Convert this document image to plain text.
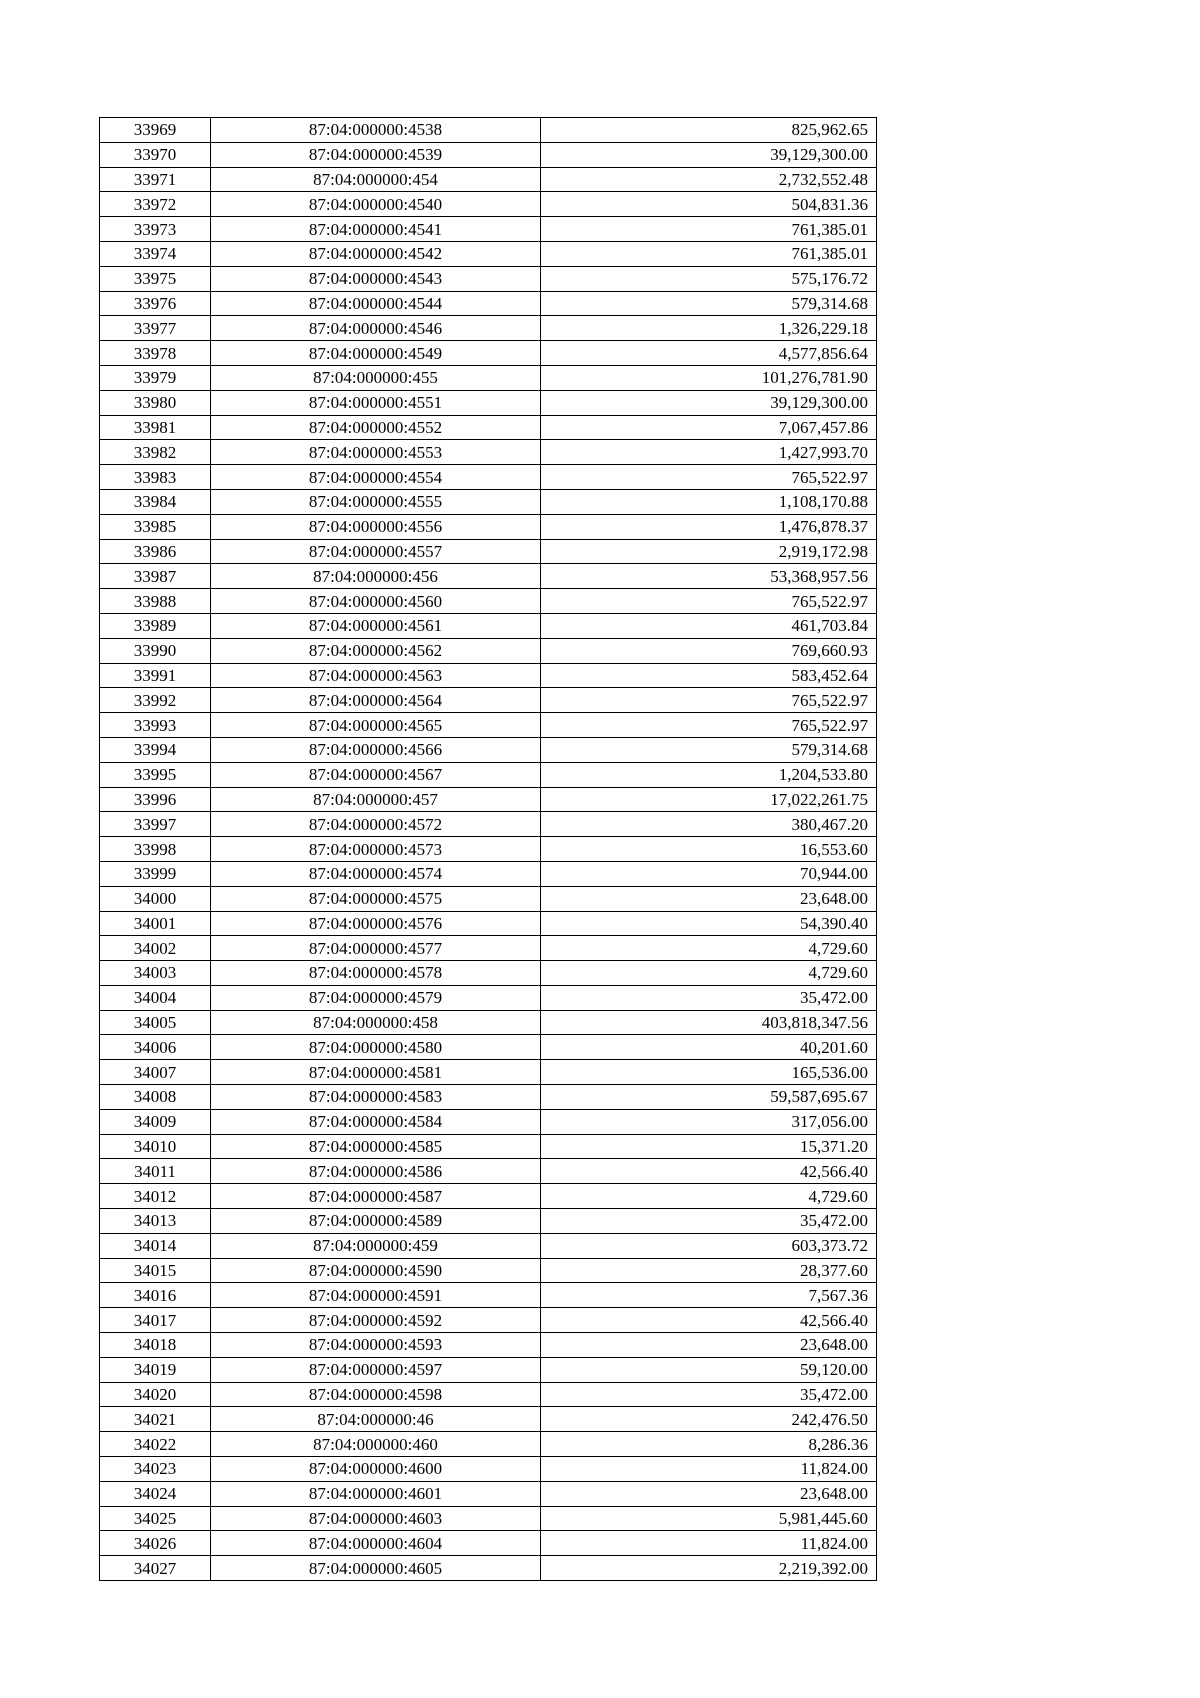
33969	87:04:000000:4538	825,962.65
33970	87:04:000000:4539	39,129,300.00
33971	87:04:000000:454	2,732,552.48
33972	87:04:000000:4540	504,831.36
33973	87:04:000000:4541	761,385.01
33974	87:04:000000:4542	761,385.01
33975	87:04:000000:4543	575,176.72
33976	87:04:000000:4544	579,314.68
33977	87:04:000000:4546	1,326,229.18
33978	87:04:000000:4549	4,577,856.64
33979	87:04:000000:455	101,276,781.90
33980	87:04:000000:4551	39,129,300.00
33981	87:04:000000:4552	7,067,457.86
33982	87:04:000000:4553	1,427,993.70
33983	87:04:000000:4554	765,522.97
33984	87:04:000000:4555	1,108,170.88
33985	87:04:000000:4556	1,476,878.37
33986	87:04:000000:4557	2,919,172.98
33987	87:04:000000:456	53,368,957.56
33988	87:04:000000:4560	765,522.97
33989	87:04:000000:4561	461,703.84
33990	87:04:000000:4562	769,660.93
33991	87:04:000000:4563	583,452.64
33992	87:04:000000:4564	765,522.97
33993	87:04:000000:4565	765,522.97
33994	87:04:000000:4566	579,314.68
33995	87:04:000000:4567	1,204,533.80
33996	87:04:000000:457	17,022,261.75
33997	87:04:000000:4572	380,467.20
33998	87:04:000000:4573	16,553.60
33999	87:04:000000:4574	70,944.00
34000	87:04:000000:4575	23,648.00
34001	87:04:000000:4576	54,390.40
34002	87:04:000000:4577	4,729.60
34003	87:04:000000:4578	4,729.60
34004	87:04:000000:4579	35,472.00
34005	87:04:000000:458	403,818,347.56
34006	87:04:000000:4580	40,201.60
34007	87:04:000000:4581	165,536.00
34008	87:04:000000:4583	59,587,695.67
34009	87:04:000000:4584	317,056.00
34010	87:04:000000:4585	15,371.20
34011	87:04:000000:4586	42,566.40
34012	87:04:000000:4587	4,729.60
34013	87:04:000000:4589	35,472.00
34014	87:04:000000:459	603,373.72
34015	87:04:000000:4590	28,377.60
34016	87:04:000000:4591	7,567.36
34017	87:04:000000:4592	42,566.40
34018	87:04:000000:4593	23,648.00
34019	87:04:000000:4597	59,120.00
34020	87:04:000000:4598	35,472.00
34021	87:04:000000:46	242,476.50
34022	87:04:000000:460	8,286.36
34023	87:04:000000:4600	11,824.00
34024	87:04:000000:4601	23,648.00
34025	87:04:000000:4603	5,981,445.60
34026	87:04:000000:4604	11,824.00
34027	87:04:000000:4605	2,219,392.00
